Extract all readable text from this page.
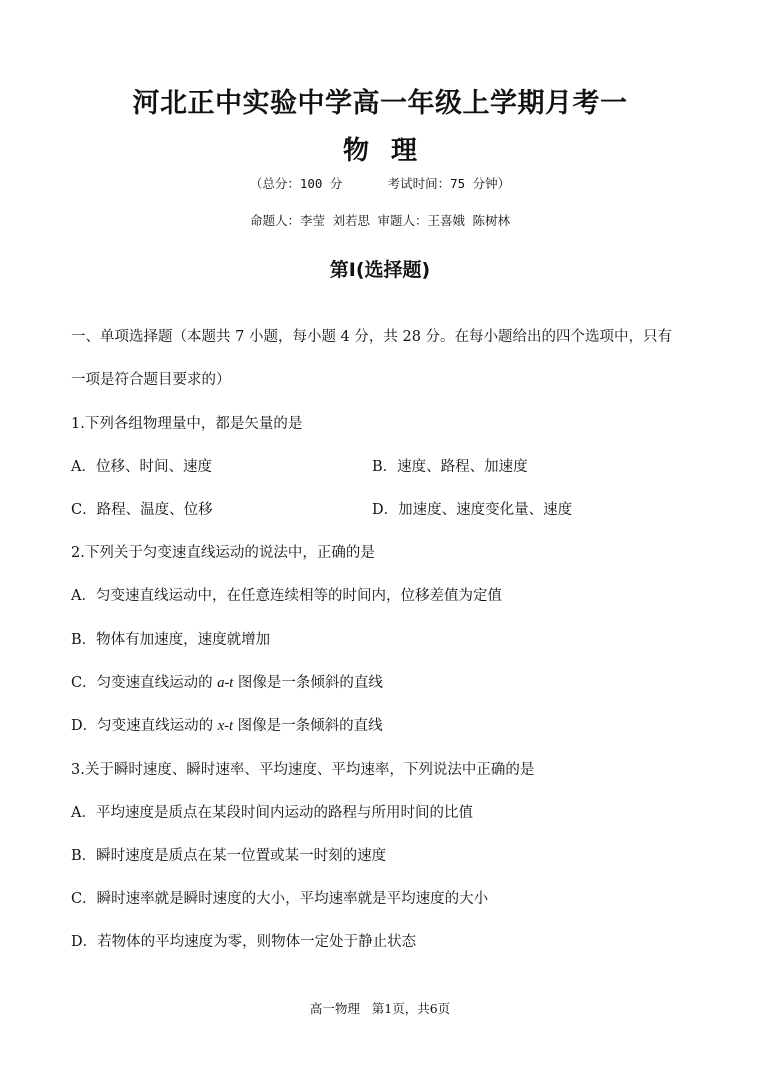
河北正中实验中学高一年级上学期月考一
物理
（总分：100 分      考试时间：75 分钟）
命题人：李莹 刘若思 审题人：王喜娥 陈树林
第Ⅰ(选择题)
一、单项选择题（本题共 7 小题，每小题 4 分，共 28 分。在每小题给出的四个选项中，只有
一项是符合题目要求的）
1.下列各组物理量中，都是矢量的是
A．位移、时间、速度	B．速度、路程、加速度
C．路程、温度、位移	D．加速度、速度变化量、速度
2.下列关于匀变速直线运动的说法中，正确的是
A．匀变速直线运动中，在任意连续相等的时间内，位移差值为定值
B．物体有加速度，速度就增加
C．匀变速直线运动的 a-t 图像是一条倾斜的直线
D．匀变速直线运动的 x-t 图像是一条倾斜的直线
3.关于瞬时速度、瞬时速率、平均速度、平均速率，下列说法中正确的是
A．平均速度是质点在某段时间内运动的路程与所用时间的比值
B．瞬时速度是质点在某一位置或某一时刻的速度
C．瞬时速率就是瞬时速度的大小，平均速率就是平均速度的大小
D．若物体的平均速度为零，则物体一定处于静止状态
高一物理   第1页，共6页
